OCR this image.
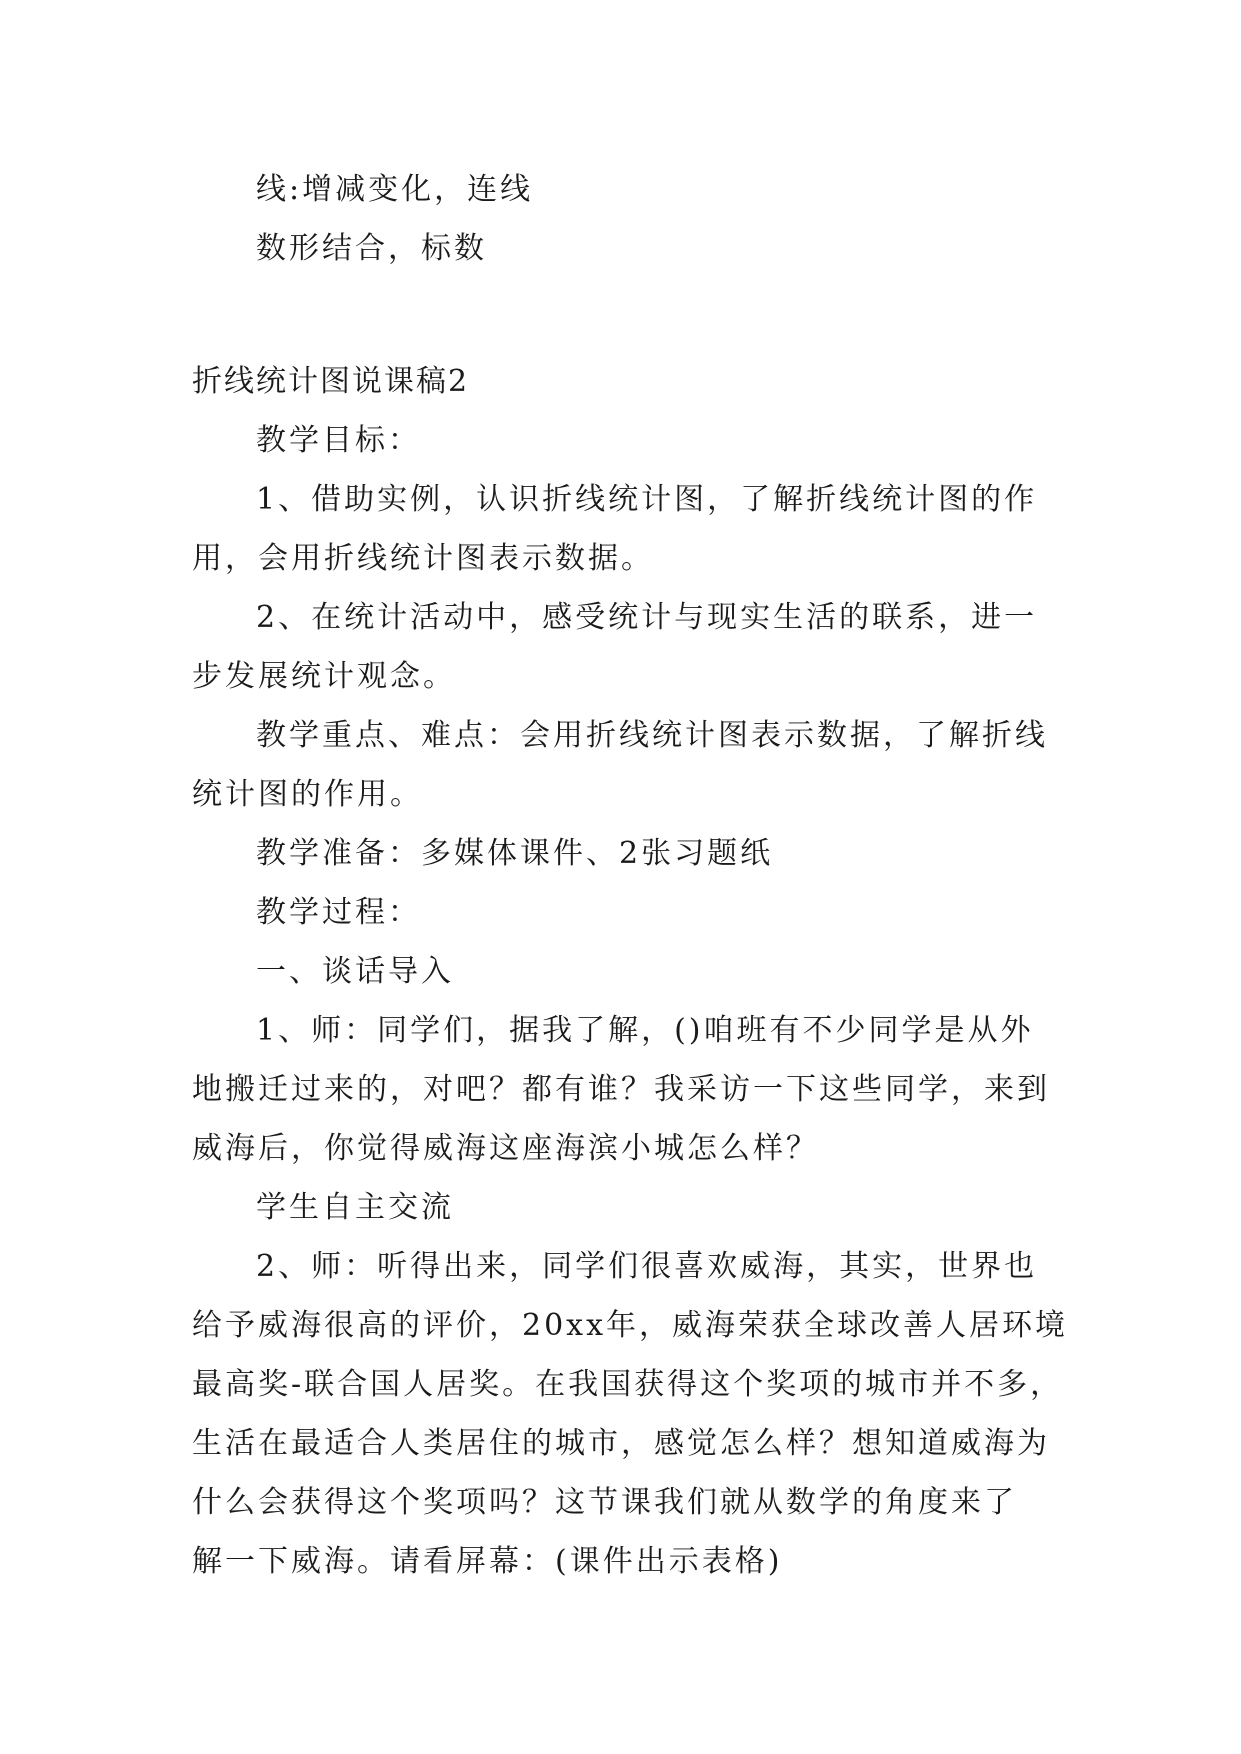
线:增减变化，连线

数形结合，标数

折线统计图说课稿2

教学目标：

1、借助实例，认识折线统计图，了解折线统计图的作

用，会用折线统计图表示数据。

2、在统计活动中，感受统计与现实生活的联系，进一

步发展统计观念。

教学重点、难点：会用折线统计图表示数据，了解折线

统计图的作用。

教学准备：多媒体课件、2张习题纸

教学过程：

一、谈话导入

1、师：同学们，据我了解，()咱班有不少同学是从外

地搬迁过来的，对吧？都有谁？我采访一下这些同学，来到

威海后，你觉得威海这座海滨小城怎么样？

学生自主交流

2、师：听得出来，同学们很喜欢威海，其实，世界也

给予威海很高的评价，20xx年，威海荣获全球改善人居环境

最高奖-联合国人居奖。在我国获得这个奖项的城市并不多，

生活在最适合人类居住的城市，感觉怎么样？想知道威海为

什么会获得这个奖项吗？这节课我们就从数学的角度来了

解一下威海。请看屏幕：(课件出示表格)
